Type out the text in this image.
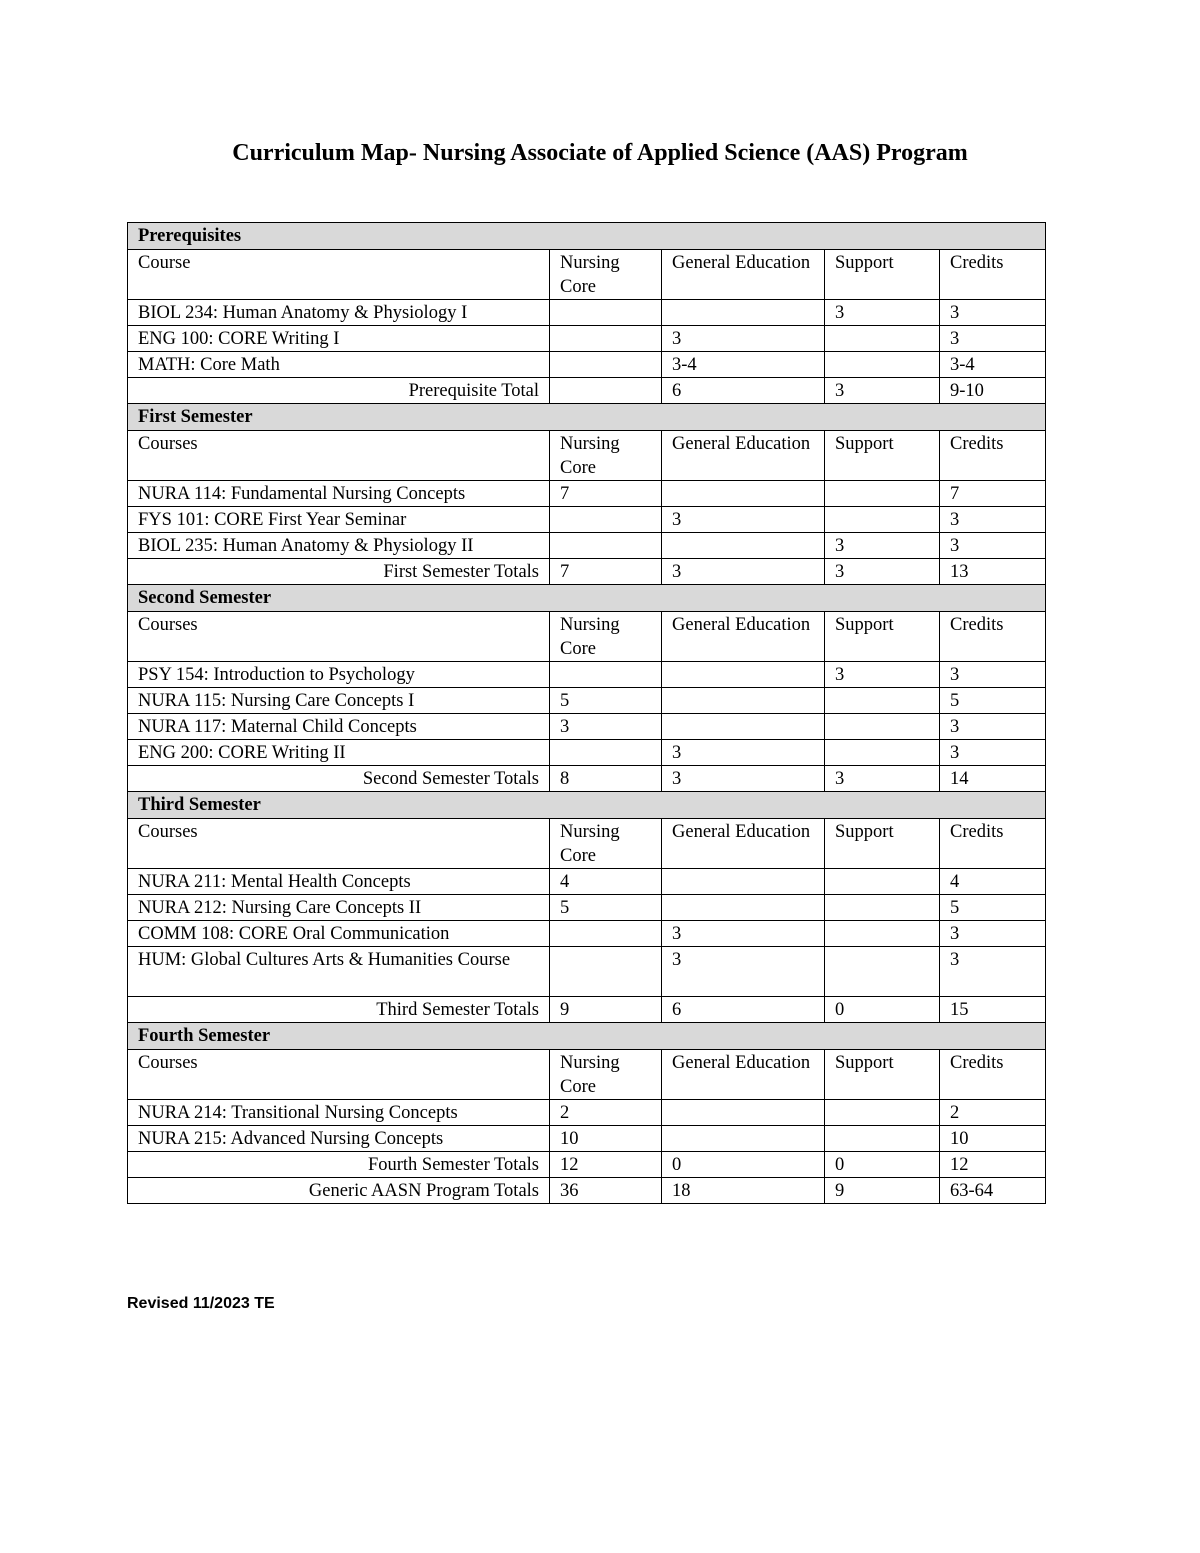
Curriculum Map- Nursing Associate of Applied Science (AAS) Program
Prerequisites				
Course	Nursing Core	General Education	Support	Credits
BIOL 234: Human Anatomy & Physiology I			3	3
ENG 100: CORE Writing I		3		3
MATH: Core Math		3-4		3-4
Prerequisite Total		6	3	9-10
First Semester				
Courses	Nursing Core	General Education	Support	Credits
NURA 114: Fundamental Nursing Concepts	7			7
FYS 101: CORE First Year Seminar		3		3
BIOL 235: Human Anatomy & Physiology II			3	3
First Semester Totals	7	3	3	13
Second Semester				
Courses	Nursing Core	General Education	Support	Credits
PSY 154: Introduction to Psychology			3	3
NURA 115: Nursing Care Concepts I	5			5
NURA 117: Maternal Child Concepts	3			3
ENG 200: CORE Writing II		3		3
Second Semester Totals	8	3	3	14
Third Semester				
Courses	Nursing Core	General Education	Support	Credits
NURA 211: Mental Health Concepts	4			4
NURA 212: Nursing Care Concepts II	5			5
COMM 108: CORE Oral Communication		3		3
HUM: Global Cultures Arts & Humanities Course		3		3
Third Semester Totals	9	6	0	15
Fourth Semester				
Courses	Nursing Core	General Education	Support	Credits
NURA 214: Transitional Nursing Concepts	2			2
NURA 215: Advanced Nursing Concepts	10			10
Fourth Semester Totals	12	0	0	12
Generic AASN Program Totals	36	18	9	63-64
Revised 11/2023 TE
